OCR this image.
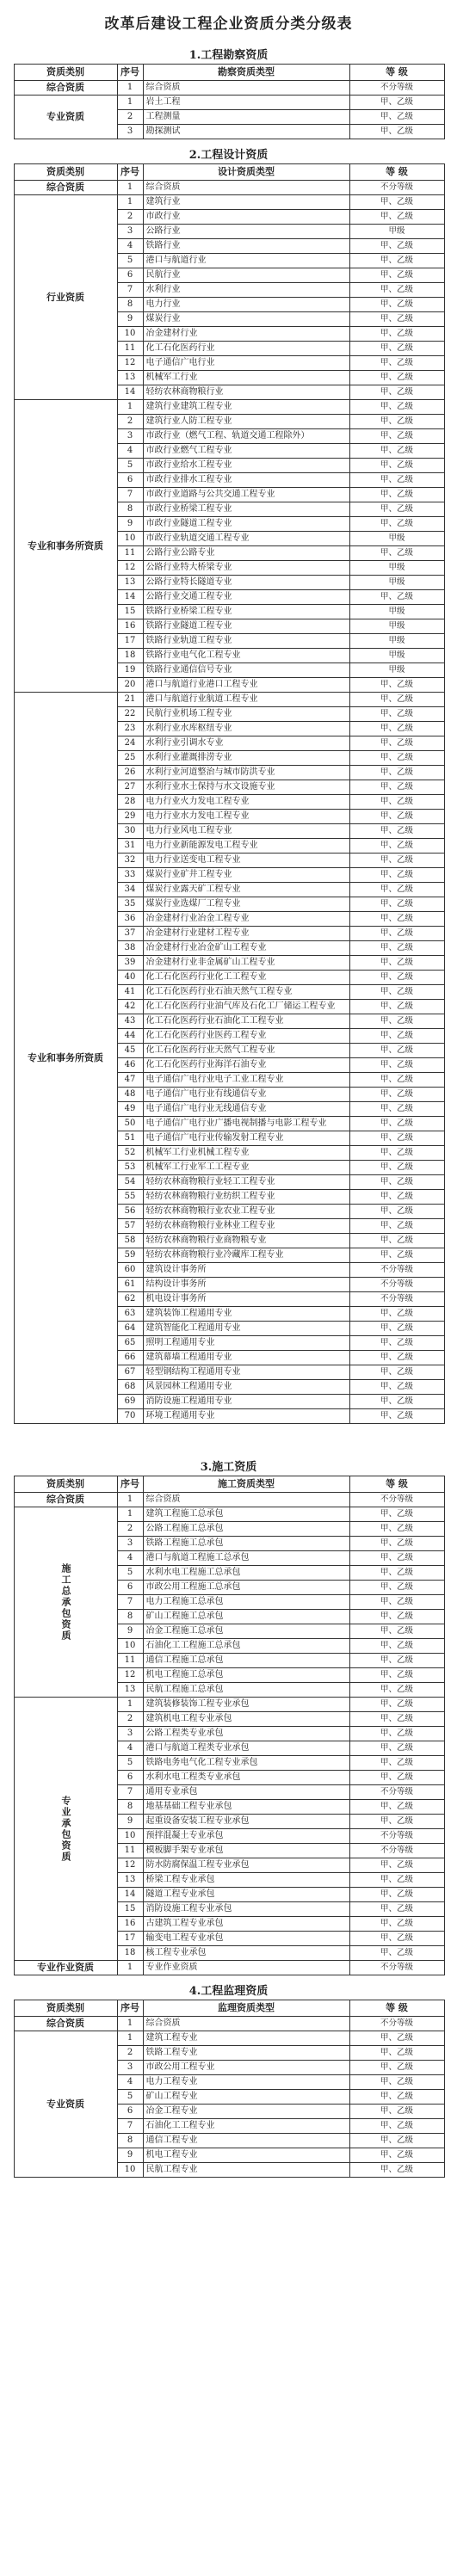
改革后建设工程企业资质分类分级表
1.工程勘察资质
资质类别	序号	勘察资质类型	等 级
综合资质	1	综合资质	不分等级
专业资质	1	岩土工程	甲、乙级
	2	工程测量	甲、乙级
	3	勘探测试	甲、乙级
2.工程设计资质
资质类别	序号	设计资质类型	等 级
综合资质	1	综合资质	不分等级
行业资质	1	建筑行业	甲、乙级
	2	市政行业	甲、乙级
	3	公路行业	甲级
	4	铁路行业	甲、乙级
	5	港口与航道行业	甲、乙级
	6	民航行业	甲、乙级
	7	水利行业	甲、乙级
	8	电力行业	甲、乙级
	9	煤炭行业	甲、乙级
	10	冶金建材行业	甲、乙级
	11	化工石化医药行业	甲、乙级
	12	电子通信广电行业	甲、乙级
	13	机械军工行业	甲、乙级
	14	轻纺农林商物粮行业	甲、乙级
专业和事务所资质	1	建筑行业建筑工程专业	甲、乙级
	2	建筑行业人防工程专业	甲、乙级
	3	市政行业（燃气工程、轨道交通工程除外）	甲、乙级
	4	市政行业燃气工程专业	甲、乙级
	5	市政行业给水工程专业	甲、乙级
	6	市政行业排水工程专业	甲、乙级
	7	市政行业道路与公共交通工程专业	甲、乙级
	8	市政行业桥梁工程专业	甲、乙级
	9	市政行业隧道工程专业	甲、乙级
	10	市政行业轨道交通工程专业	甲级
	11	公路行业公路专业	甲、乙级
	12	公路行业特大桥梁专业	甲级
	13	公路行业特长隧道专业	甲级
	14	公路行业交通工程专业	甲、乙级
	15	铁路行业桥梁工程专业	甲级
	16	铁路行业隧道工程专业	甲级
	17	铁路行业轨道工程专业	甲级
	18	铁路行业电气化工程专业	甲级
	19	铁路行业通信信号专业	甲级
	20	港口与航道行业港口工程专业	甲、乙级
专业和事务所资质	21	港口与航道行业航道工程专业	甲、乙级
	22	民航行业机场工程专业	甲、乙级
	23	水利行业水库枢纽专业	甲、乙级
	24	水利行业引调水专业	甲、乙级
	25	水利行业灌溉排涝专业	甲、乙级
	26	水利行业河道整治与城市防洪专业	甲、乙级
	27	水利行业水土保持与水文设施专业	甲、乙级
	28	电力行业火力发电工程专业	甲、乙级
	29	电力行业水力发电工程专业	甲、乙级
	30	电力行业风电工程专业	甲、乙级
	31	电力行业新能源发电工程专业	甲、乙级
	32	电力行业送变电工程专业	甲、乙级
	33	煤炭行业矿井工程专业	甲、乙级
	34	煤炭行业露天矿工程专业	甲、乙级
	35	煤炭行业选煤厂工程专业	甲、乙级
	36	冶金建材行业冶金工程专业	甲、乙级
	37	冶金建材行业建材工程专业	甲、乙级
	38	冶金建材行业冶金矿山工程专业	甲、乙级
	39	冶金建材行业非金属矿山工程专业	甲、乙级
	40	化工石化医药行业化工工程专业	甲、乙级
	41	化工石化医药行业石油天然气工程专业	甲、乙级
	42	化工石化医药行业油气库及石化工厂储运工程专业	甲、乙级
	43	化工石化医药行业石油化工工程专业	甲、乙级
	44	化工石化医药行业医药工程专业	甲、乙级
	45	化工石化医药行业天然气工程专业	甲、乙级
	46	化工石化医药行业海洋石油专业	甲、乙级
	47	电子通信广电行业电子工业工程专业	甲、乙级
	48	电子通信广电行业有线通信专业	甲、乙级
	49	电子通信广电行业无线通信专业	甲、乙级
	50	电子通信广电行业广播电视制播与电影工程专业	甲、乙级
	51	电子通信广电行业传输发射工程专业	甲、乙级
	52	机械军工行业机械工程专业	甲、乙级
	53	机械军工行业军工工程专业	甲、乙级
	54	轻纺农林商物粮行业轻工工程专业	甲、乙级
	55	轻纺农林商物粮行业纺织工程专业	甲、乙级
	56	轻纺农林商物粮行业农业工程专业	甲、乙级
	57	轻纺农林商物粮行业林业工程专业	甲、乙级
	58	轻纺农林商物粮行业商物粮专业	甲、乙级
	59	轻纺农林商物粮行业冷藏库工程专业	甲、乙级
	60	建筑设计事务所	不分等级
	61	结构设计事务所	不分等级
	62	机电设计事务所	不分等级
	63	建筑装饰工程通用专业	甲、乙级
	64	建筑智能化工程通用专业	甲、乙级
	65	照明工程通用专业	甲、乙级
	66	建筑幕墙工程通用专业	甲、乙级
	67	轻型钢结构工程通用专业	甲、乙级
	68	风景园林工程通用专业	甲、乙级
	69	消防设施工程通用专业	甲、乙级
	70	环境工程通用专业	甲、乙级
3.施工资质
资质类别	序号	施工资质类型	等 级
综合资质	1	综合资质	不分等级
施工总承包资质	1	建筑工程施工总承包	甲、乙级
	2	公路工程施工总承包	甲、乙级
	3	铁路工程施工总承包	甲、乙级
	4	港口与航道工程施工总承包	甲、乙级
	5	水利水电工程施工总承包	甲、乙级
	6	市政公用工程施工总承包	甲、乙级
	7	电力工程施工总承包	甲、乙级
	8	矿山工程施工总承包	甲、乙级
	9	冶金工程施工总承包	甲、乙级
	10	石油化工工程施工总承包	甲、乙级
	11	通信工程施工总承包	甲、乙级
	12	机电工程施工总承包	甲、乙级
	13	民航工程施工总承包	甲、乙级
专业承包资质	1	建筑装修装饰工程专业承包	甲、乙级
	2	建筑机电工程专业承包	甲、乙级
	3	公路工程类专业承包	甲、乙级
	4	港口与航道工程类专业承包	甲、乙级
	5	铁路电务电气化工程专业承包	甲、乙级
	6	水利水电工程类专业承包	甲、乙级
	7	通用专业承包	不分等级
	8	地基基础工程专业承包	甲、乙级
	9	起重设备安装工程专业承包	甲、乙级
	10	预拌混凝土专业承包	不分等级
	11	模板脚手架专业承包	不分等级
	12	防水防腐保温工程专业承包	甲、乙级
	13	桥梁工程专业承包	甲、乙级
	14	隧道工程专业承包	甲、乙级
	15	消防设施工程专业承包	甲、乙级
	16	古建筑工程专业承包	甲、乙级
	17	输变电工程专业承包	甲、乙级
	18	核工程专业承包	甲、乙级
专业作业资质	1	专业作业资质	不分等级
4.工程监理资质
资质类别	序号	监理资质类型	等 级
综合资质	1	综合资质	不分等级
专业资质	1	建筑工程专业	甲、乙级
	2	铁路工程专业	甲、乙级
	3	市政公用工程专业	甲、乙级
	4	电力工程专业	甲、乙级
	5	矿山工程专业	甲、乙级
	6	冶金工程专业	甲、乙级
	7	石油化工工程专业	甲、乙级
	8	通信工程专业	甲、乙级
	9	机电工程专业	甲、乙级
	10	民航工程专业	甲、乙级
